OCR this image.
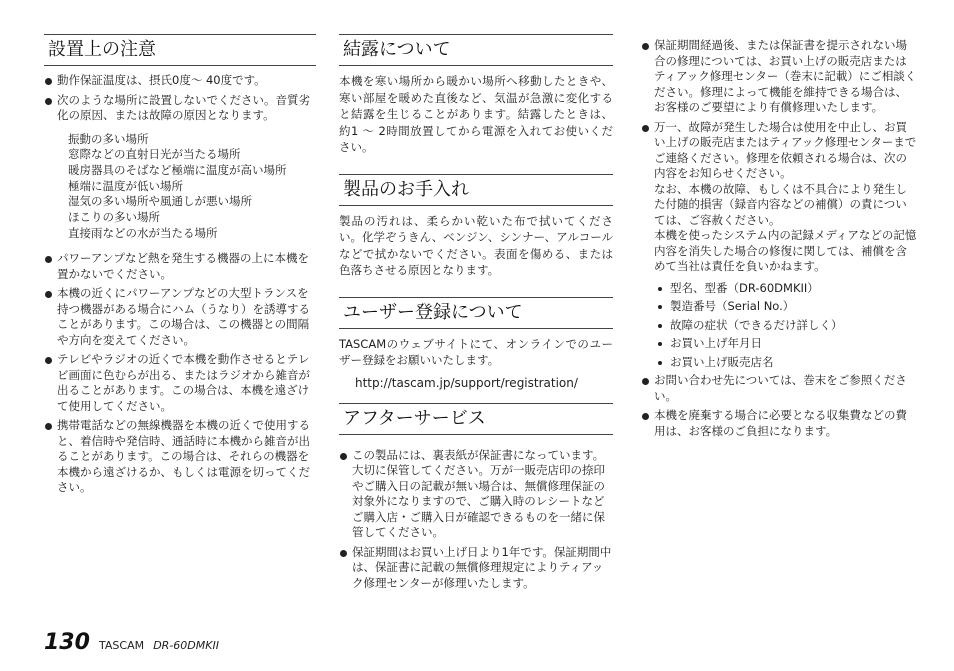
設置上の注意
動作保証温度は、摂氏0度〜 40度です。
次のような場所に設置しないでください。音質劣化の原因、または故障の原因となります。
振動の多い場所
窓際などの直射日光が当たる場所
暖房器具のそばなど極端に温度が高い場所
極端に温度が低い場所
湿気の多い場所や風通しが悪い場所
ほこりの多い場所
直接雨などの水が当たる場所
パワーアンプなど熱を発生する機器の上に本機を置かないでください。
本機の近くにパワーアンプなどの大型トランスを持つ機器がある場合にハム（うなり）を誘導することがあります。この場合は、この機器との間隔や方向を変えてください。
テレビやラジオの近くで本機を動作させるとテレビ画面に色むらが出る、またはラジオから雑音が出ることがあります。この場合は、本機を遠ざけて使用してください。
携帯電話などの無線機器を本機の近くで使用すると、着信時や発信時、通話時に本機から雑音が出ることがあります。この場合は、それらの機器を本機から遠ざけるか、もしくは電源を切ってください。
結露について
本機を寒い場所から暖かい場所へ移動したときや、寒い部屋を暖めた直後など、気温が急激に変化すると結露を生じることがあります。結露したときは、約1 〜 2時間放置してから電源を入れてお使いください。
製品のお手入れ
製品の汚れは、柔らかい乾いた布で拭いてください。化学ぞうきん、ベンジン、シンナー、アルコールなどで拭かないでください。表面を傷める、または色落ちさせる原因となります。
ユーザー登録について
TASCAMのウェブサイトにて、オンラインでのユーザー登録をお願いいたします。
http://tascam.jp/support/registration/
アフターサービス
この製品には、裏表紙が保証書になっています。大切に保管してください。万が一販売店印の捺印やご購入日の記載が無い場合は、無償修理保証の対象外になりますので、ご購入時のレシートなどご購入店・ご購入日が確認できるものを一緒に保管してください。
保証期間はお買い上げ日より1年です。保証期間中は、保証書に記載の無償修理規定によりティアック修理センターが修理いたします。
保証期間経過後、または保証書を提示されない場合の修理については、お買い上げの販売店またはティアック修理センター（巻末に記載）にご相談ください。修理によって機能を維持できる場合は、お客様のご要望により有償修理いたします。
万一、故障が発生した場合は使用を中止し、お買い上げの販売店またはティアック修理センターまでご連絡ください。修理を依頼される場合は、次の内容をお知らせください。
なお、本機の故障、もしくは不具合により発生した付随的損害（録音内容などの補償）の責については、ご容赦ください。
本機を使ったシステム内の記録メディアなどの記憶内容を消失した場合の修復に関しては、補償を含めて当社は責任を負いかねます。
型名、型番（DR-60DMKII）
製造番号（Serial No.）
故障の症状（できるだけ詳しく）
お買い上げ年月日
お買い上げ販売店名
お問い合わせ先については、巻末をご参照ください。
本機を廃棄する場合に必要となる収集費などの費用は、お客様のご負担になります。
130 TASCAM DR-60DMKII
